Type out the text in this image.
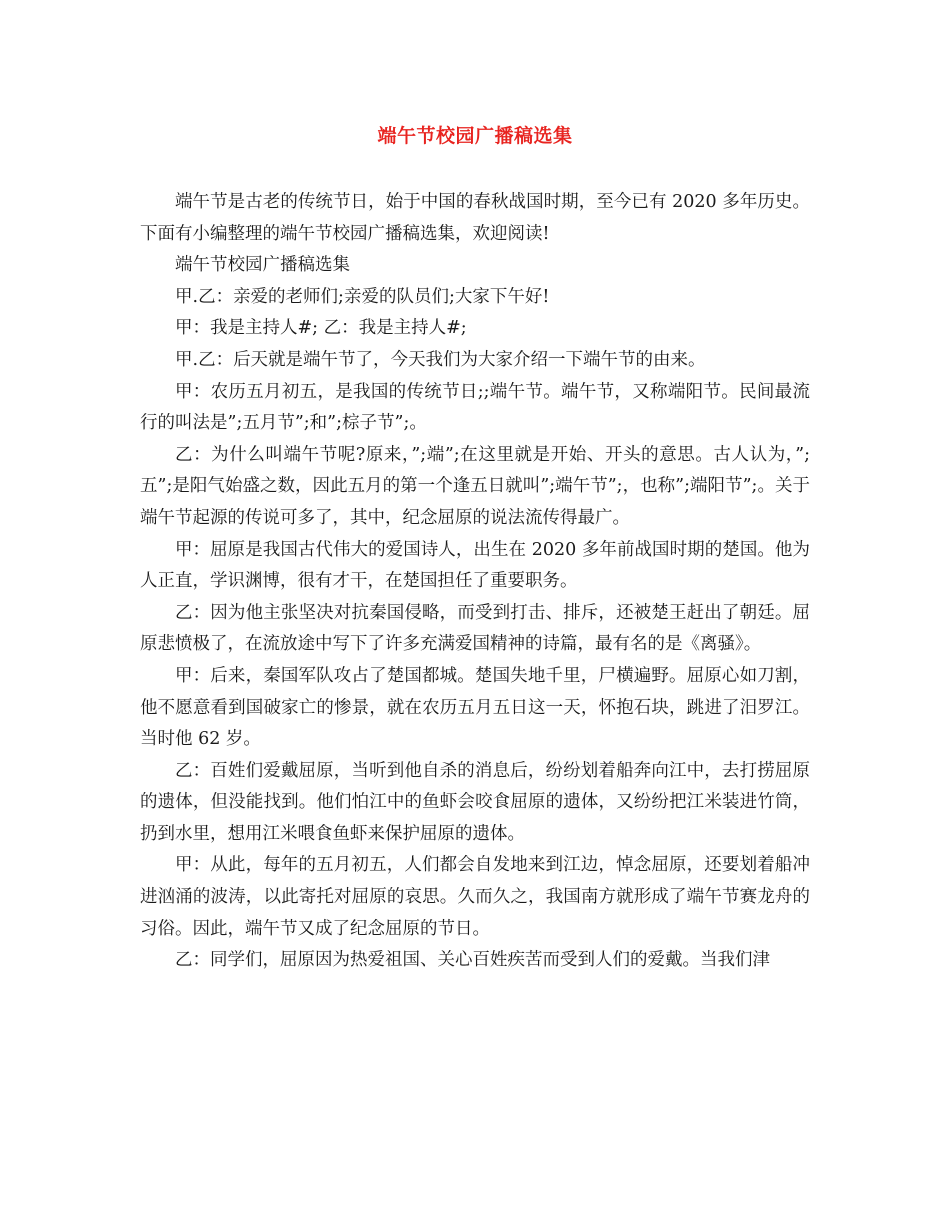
端午节校园广播稿选集

端午节是古老的传统节日，始于中国的春秋战国时期，至今已有 2020 多年历史。下面有小编整理的端午节校园广播稿选集，欢迎阅读!

端午节校园广播稿选集

甲.乙：亲爱的老师们;亲爱的队员们;大家下午好!

甲：我是主持人#; 乙：我是主持人#;

甲.乙：后天就是端午节了，今天我们为大家介绍一下端午节的由来。

甲：农历五月初五，是我国的传统节日;;端午节。端午节，又称端阳节。民间最流行的叫法是”;五月节”;和”;棕子节”;。

乙：为什么叫端午节呢?原来，”;端”;在这里就是开始、开头的意思。古人认为，”;五”;是阳气始盛之数，因此五月的第一个逢五日就叫”;端午节”;，也称”;端阳节”;。关于端午节起源的传说可多了，其中，纪念屈原的说法流传得最广。

甲：屈原是我国古代伟大的爱国诗人，出生在 2020 多年前战国时期的楚国。他为人正直，学识渊博，很有才干，在楚国担任了重要职务。

乙：因为他主张坚决对抗秦国侵略，而受到打击、排斥，还被楚王赶出了朝廷。屈原悲愤极了，在流放途中写下了许多充满爱国精神的诗篇，最有名的是《离骚》。

甲：后来，秦国军队攻占了楚国都城。楚国失地千里，尸横遍野。屈原心如刀割，他不愿意看到国破家亡的惨景，就在农历五月五日这一天，怀抱石块，跳进了汨罗江。当时他 62 岁。

乙：百姓们爱戴屈原，当听到他自杀的消息后，纷纷划着船奔向江中，去打捞屈原的遗体，但没能找到。他们怕江中的鱼虾会咬食屈原的遗体，又纷纷把江米装进竹筒，扔到水里，想用江米喂食鱼虾来保护屈原的遗体。

甲：从此，每年的五月初五，人们都会自发地来到江边，悼念屈原，还要划着船冲进汹涌的波涛，以此寄托对屈原的哀思。久而久之，我国南方就形成了端午节赛龙舟的习俗。因此，端午节又成了纪念屈原的节日。

乙：同学们，屈原因为热爱祖国、关心百姓疾苦而受到人们的爱戴。当我们津
